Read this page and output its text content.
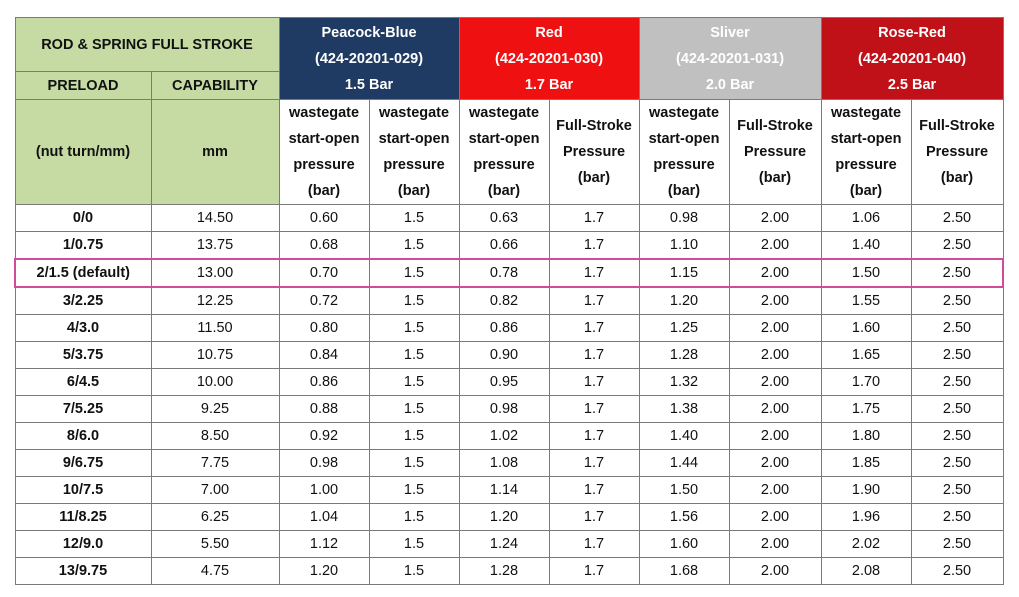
ROD & SPRING FULL STROKE		Peacock-Blue
(424-20201-029)
1.5 Bar		Red
(424-20201-030)
1.7 Bar		Sliver
(424-20201-031)
2.0 Bar		Rose-Red
(424-20201-040)
2.5 Bar	

PRELOAD	CAPABILITY								
(nut turn/mm)	mm	wastegate
start-open
pressure
(bar)	wastegate
start-open
pressure
(bar)	wastegate
start-open
pressure
(bar)	Full-Stroke
Pressure
(bar)	wastegate
start-open
pressure
(bar)	Full-Stroke
Pressure
(bar)	wastegate
start-open
pressure
(bar)	Full-Stroke
Pressure
(bar)

0/0	14.50	0.60	1.5	0.63	1.7	0.98	2.00	1.06	2.50
1/0.75	13.75	0.68	1.5	0.66	1.7	1.10	2.00	1.40	2.50
2/1.5 (default)	13.00	0.70	1.5	0.78	1.7	1.15	2.00	1.50	2.50
3/2.25	12.25	0.72	1.5	0.82	1.7	1.20	2.00	1.55	2.50
4/3.0	11.50	0.80	1.5	0.86	1.7	1.25	2.00	1.60	2.50
5/3.75	10.75	0.84	1.5	0.90	1.7	1.28	2.00	1.65	2.50
6/4.5	10.00	0.86	1.5	0.95	1.7	1.32	2.00	1.70	2.50
7/5.25	9.25	0.88	1.5	0.98	1.7	1.38	2.00	1.75	2.50
8/6.0	8.50	0.92	1.5	1.02	1.7	1.40	2.00	1.80	2.50
9/6.75	7.75	0.98	1.5	1.08	1.7	1.44	2.00	1.85	2.50
10/7.5	7.00	1.00	1.5	1.14	1.7	1.50	2.00	1.90	2.50
11/8.25	6.25	1.04	1.5	1.20	1.7	1.56	2.00	1.96	2.50
12/9.0	5.50	1.12	1.5	1.24	1.7	1.60	2.00	2.02	2.50
13/9.75	4.75	1.20	1.5	1.28	1.7	1.68	2.00	2.08	2.50
